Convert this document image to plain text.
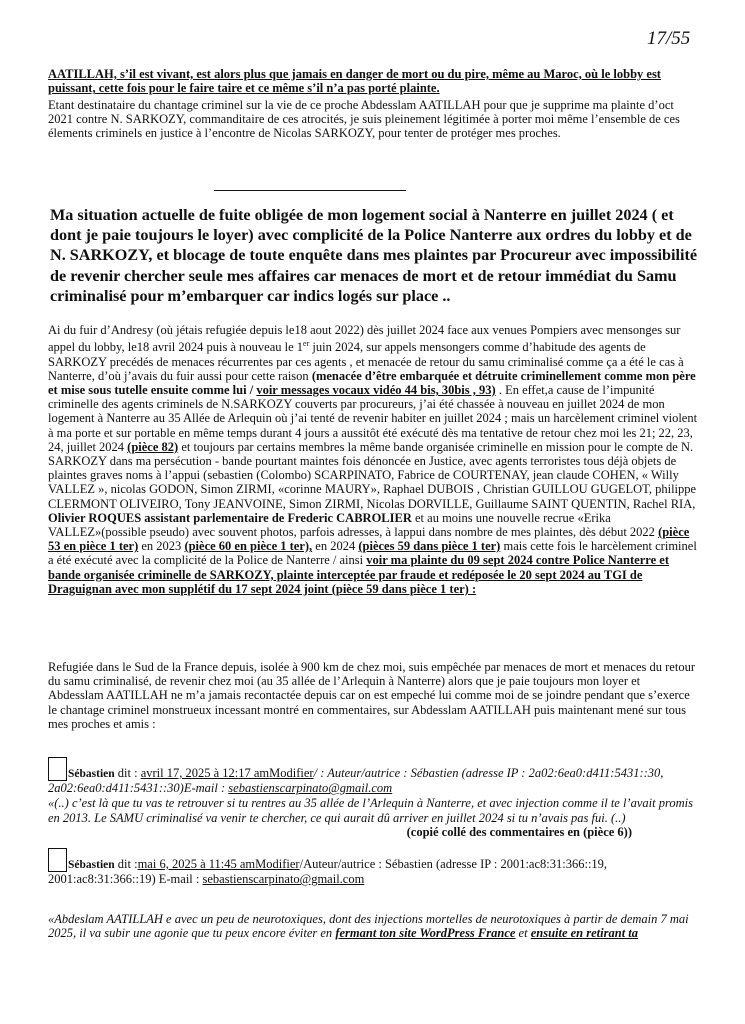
17/55
AATILLAH, s’il est vivant, est alors plus que jamais en danger de mort ou du pire, même au Maroc, où le lobby est puissant, cette fois pour le faire taire et ce même s’il n’a pas porté plainte.
Etant destinataire du chantage criminel sur la vie de ce proche Abdesslam AATILLAH pour que je supprime ma plainte d’oct 2021 contre N. SARKOZY, commanditaire de ces atrocités, je suis pleinement légitimée à porter moi même l’ensemble de ces élements criminels en justice à l’encontre de Nicolas SARKOZY, pour tenter de protéger mes proches.
Ma situation actuelle de fuite obligée de mon logement social à Nanterre en juillet 2024 ( et dont je paie toujours le loyer) avec complicité de la Police Nanterre aux ordres du lobby et de N. SARKOZY, et blocage de toute enquête dans mes plaintes par Procureur avec impossibilité de revenir chercher seule mes affaires car menaces de mort et de retour immédiat du Samu criminalisé pour m’embarquer car indics logés sur place ..
Ai du fuir d’Andresy (où jétais refugiée depuis le18 aout 2022) dès juillet 2024 face aux venues Pompiers avec mensonges sur appel du lobby, le18 avril 2024 puis à nouveau le 1er juin 2024, sur appels mensongers comme d’habitude des agents de SARKOZY precédés de menaces récurrentes par ces agents , et menacée de retour du samu criminalisé comme ça a été le cas à Nanterre, d’où j’avais du fuir aussi pour cette raison (menacée d’être embarquée et détruite criminellement comme mon père et mise sous tutelle ensuite comme lui / voir messages vocaux vidéo 44 bis, 30bis , 93) . En effet,a cause de l’impunité criminelle des agents criminels de N.SARKOZY couverts par procureurs, j’ai été chassée à nouveau en juillet 2024 de mon logement à Nanterre au 35 Allée de Arlequin où j’ai tenté de revenir habiter en juillet 2024 ; mais un harcèlement criminel violent à ma porte et sur portable en même temps durant 4 jours a aussitôt été exécuté dès ma tentative de retour chez moi les 21; 22, 23, 24, juillet 2024 (pièce 82) et toujours par certains membres la même bande organisée criminelle en mission pour le compte de N. SARKOZY dans ma persécution - bande pourtant maintes fois dénoncée en Justice, avec agents terroristes tous déjà objets de plaintes graves noms à l’appui (sebastien (Colombo) SCARPINATO, Fabrice de COURTENAY, jean claude COHEN, « Willy VALLEZ », nicolas GODON, Simon ZIRMI, «corinne MAURY», Raphael DUBOIS , Christian GUILLOU GUGELOT, philippe CLERMONT OLIVEIRO, Tony JEANVOINE, Simon ZIRMI, Nicolas DORVILLE, Guillaume SAINT QUENTIN, Rachel RIA, Olivier ROQUES assistant parlementaire de Frederic CABROLIER et au moins une nouvelle recrue «Erika VALLEZ»(possible pseudo) avec souvent photos, parfois adresses, à lappui dans nombre de mes plaintes, dès début 2022 (pièce 53 en pièce 1 ter) en 2023 (pièce 60 en pièce 1 ter), en 2024 (pièces 59 dans pièce 1 ter) mais cette fois le harcèlement criminel a été exécuté avec la complicité de la Police de Nanterre / ainsi voir ma plainte du 09 sept 2024 contre Police Nanterre et bande organisée criminelle de SARKOZY, plainte interceptée par fraude et redéposée le 20 sept 2024 au TGI de Draguignan avec mon supplétif du 17 sept 2024 joint (pièce 59 dans pièce 1 ter) :
Refugiée dans le Sud de la France depuis, isolée à 900 km de chez moi, suis empêchée par menaces de mort et menaces du retour du samu criminalisé, de revenir chez moi (au 35 allée de l’Arlequin à Nanterre) alors que je paie toujours mon loyer et Abdesslam AATILLAH ne m’a jamais recontactée depuis car on est empeché lui comme moi de se joindre pendant que s’exerce le chantage criminel monstrueux incessant montré en commentaires, sur Abdesslam AATILLAH puis maintenant mené sur tous mes proches et amis :
Sébastien dit : avril 17, 2025 à 12:17 amModifier/ : Auteur/autrice : Sébastien (adresse IP : 2a02:6ea0:d411:5431::30, 2a02:6ea0:d411:5431::30)E-mail : sebastienscarpinato@gmail.com
«(..) c’est là que tu vas te retrouver si tu rentres au 35 allée de l’Arlequin à Nanterre, et avec injection comme il te l’avait promis en 2013. Le SAMU criminalisé va venir te chercher, ce qui aurait dû arriver en juillet 2024 si tu n’avais pas fui. (..)
(copié collé des commentaires en (pièce 6))
Sébastien dit :mai 6, 2025 à 11:45 amModifier/Auteur/autrice : Sébastien (adresse IP : 2001:ac8:31:366::19, 2001:ac8:31:366::19) E-mail : sebastienscarpinato@gmail.com
«Abdeslam AATILLAH e avec un peu de neurotoxiques, dont des injections mortelles de neurotoxiques à partir de demain 7 mai 2025, il va subir une agonie que tu peux encore éviter en fermant ton site WordPress France et ensuite en retirant ta
